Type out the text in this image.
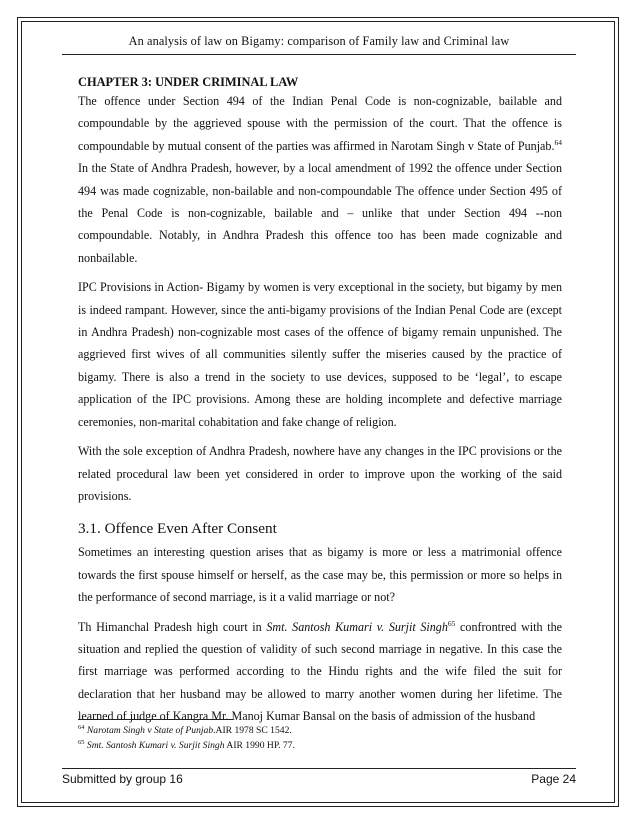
An analysis of law on Bigamy: comparison of Family law and Criminal law

CHAPTER 3: UNDER CRIMINAL LAW

The offence under Section 494 of the Indian Penal Code is non-cognizable, bailable and compoundable by the aggrieved spouse with the permission of the court. That the offence is compoundable by mutual consent of the parties was affirmed in Narotam Singh v State of Punjab.$^{64}$ In the State of Andhra Pradesh, however, by a local amendment of 1992 the offence under Section 494 was made cognizable, non-bailable and non-compoundable The offence under Section 495 of the Penal Code is non-cognizable, bailable and – unlike that under Section 494 --non compoundable. Notably, in Andhra Pradesh this offence too has been made cognizable and nonbailable.

IPC Provisions in Action- Bigamy by women is very exceptional in the society, but bigamy by men is indeed rampant. However, since the anti-bigamy provisions of the Indian Penal Code are (except in Andhra Pradesh) non-cognizable most cases of the offence of bigamy remain unpunished. The aggrieved first wives of all communities silently suffer the miseries caused by the practice of bigamy. There is also a trend in the society to use devices, supposed to be ‘legal’, to escape application of the IPC provisions. Among these are holding incomplete and defective marriage ceremonies, non-marital cohabitation and fake change of religion.

With the sole exception of Andhra Pradesh, nowhere have any changes in the IPC provisions or the related procedural law been yet considered in order to improve upon the working of the said provisions.

3.1. Offence Even After Consent

Sometimes an interesting question arises that as bigamy is more or less a matrimonial offence towards the first spouse himself or herself, as the case may be, this permission or more so helps in the performance of second marriage, is it a valid marriage or not?

Th Himanchal Pradesh high court in Smt. Santosh Kumari v. Surjit Singh$^{65}$ confrontred with the situation and replied the question of validity of such second marriage in negative. In this case the first marriage was performed according to the Hindu rights and the wife filed the suit for declaration that her husband may be allowed to marry another women during her lifetime. The learned of judge of Kangra Mr. Manoj Kumar Bansal on the basis of admission of the husband

$^{64}$ Narotam Singh v State of Punjab.AIR 1978 SC 1542.
$^{65}$ Smt. Santosh Kumari v. Surjit Singh AIR 1990 HP. 77.
Submitted by group 16	Page 24
